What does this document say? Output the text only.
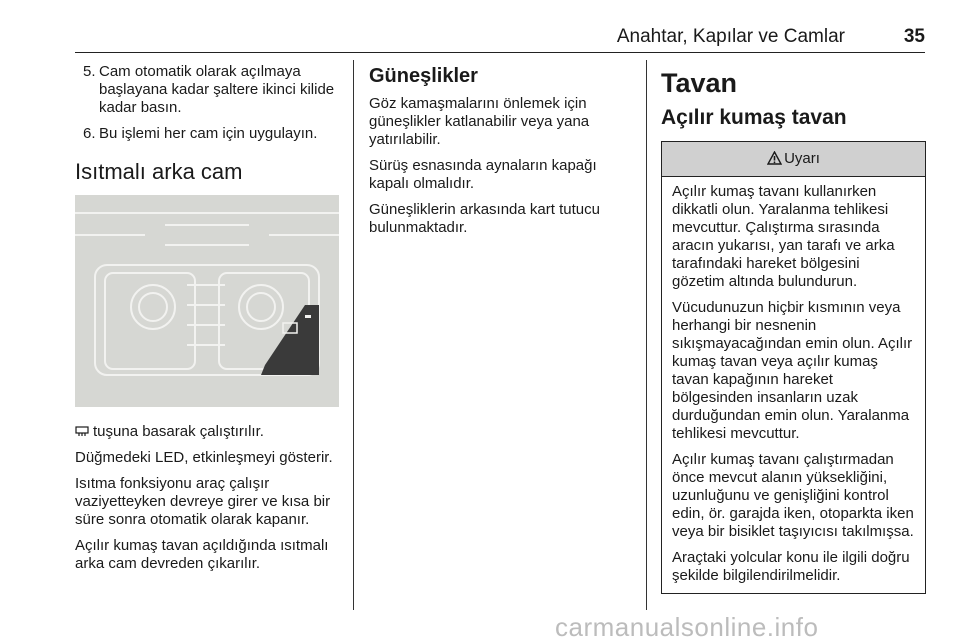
Anahtar, Kapılar ve Camlar	35
5. Cam otomatik olarak açılmaya başlayana kadar şaltere ikinci kilide kadar basın.
6. Bu işlemi her cam için uygulayın.
Isıtmalı arka cam

tuşuna basarak çalıştırılır.

Düğmedeki LED, etkinleşmeyi gösterir.

Isıtma fonksiyonu araç çalışır vaziyetteyken devreye girer ve kısa bir süre sonra otomatik olarak kapanır.

Açılır kumaş tavan açıldığında ısıtmalı arka cam devreden çıkarılır.

Güneşlikler

Göz kamaşmalarını önlemek için güneşlikler katlanabilir veya yana yatırılabilir.

Sürüş esnasında aynaların kapağı kapalı olmalıdır.

Güneşliklerin arkasında kart tutucu bulunmaktadır.

Tavan
Açılır kumaş tavan
Uyarı

Açılır kumaş tavanı kullanırken dikkatli olun. Yaralanma tehlikesi mevcuttur. Çalıştırma sırasında aracın yukarısı, yan tarafı ve arka tarafındaki hareket bölgesini gözetim altında bulundurun.

Vücudunuzun hiçbir kısmının veya herhangi bir nesnenin sıkışmayacağından emin olun. Açılır kumaş tavan veya açılır kumaş tavan kapağının hareket bölgesinden insanların uzak durduğundan emin olun. Yaralanma tehlikesi mevcuttur.

Açılır kumaş tavanı çalıştırmadan önce mevcut alanın yüksekliğini, uzunluğunu ve genişliğini kontrol edin, ör. garajda iken, otoparkta iken veya bir bisiklet taşıyıcısı takılmışsa.

Araçtaki yolcular konu ile ilgili doğru şekilde bilgilendirilmelidir.

carmanualsonline.info
